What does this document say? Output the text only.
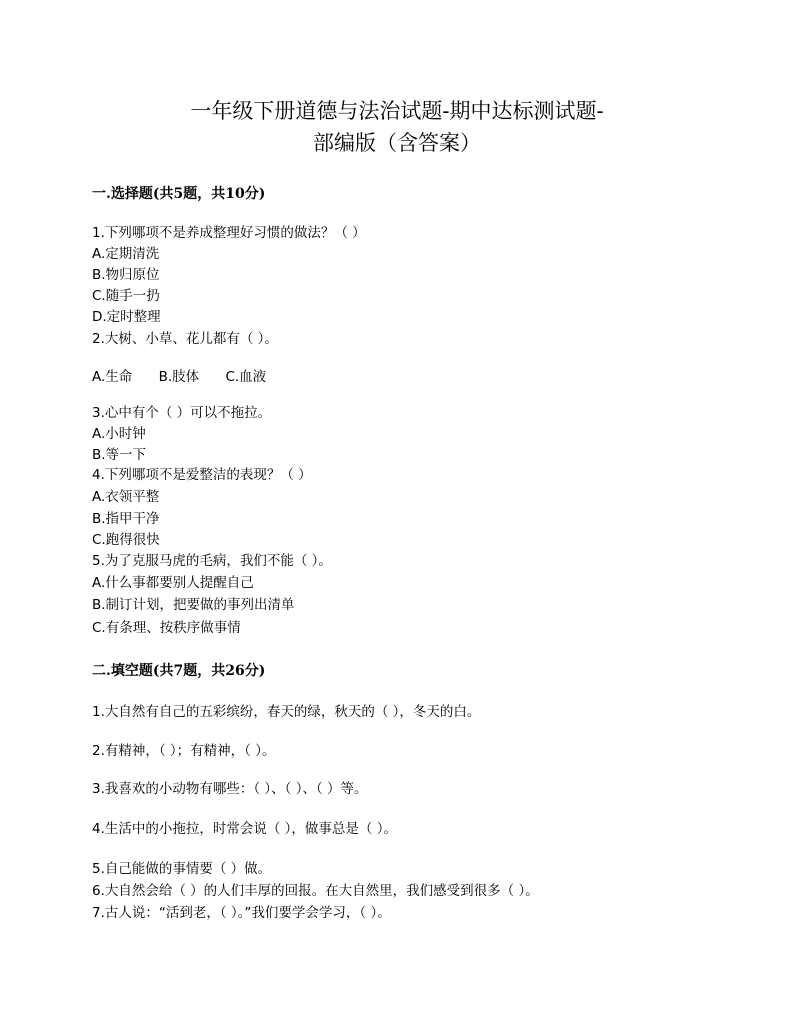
一年级下册道德与法治试题-期中达标测试题-
部编版（含答案）
一.选择题(共5题，共10分)
1.下列哪项不是养成整理好习惯的做法？（ ）
A.定期清洗
B.物归原位
C.随手一扔
D.定时整理
2.大树、小草、花儿都有（ ）。
A.生命 B.肢体 C.血液
3.心中有个（ ）可以不拖拉。
A.小时钟
B.等一下
4.下列哪项不是爱整洁的表现？（ ）
A.衣领平整
B.指甲干净
C.跑得很快
5.为了克服马虎的毛病，我们不能（ ）。
A.什么事都要别人提醒自己
B.制订计划，把要做的事列出清单
C.有条理、按秩序做事情
二.填空题(共7题，共26分)
1.大自然有自己的五彩缤纷，春天的绿，秋天的（ ），冬天的白。
2.有精神，（ ）；有精神，（ ）。
3.我喜欢的小动物有哪些：（ ）、（ ）、（ ）等。
4.生活中的小拖拉，时常会说（ ），做事总是（ ）。
5.自己能做的事情要（ ）做。
6.大自然会给（ ）的人们丰厚的回报。在大自然里，我们感受到很多（ ）。
7.古人说：“活到老，（ ）。”我们要学会学习，（ ）。
